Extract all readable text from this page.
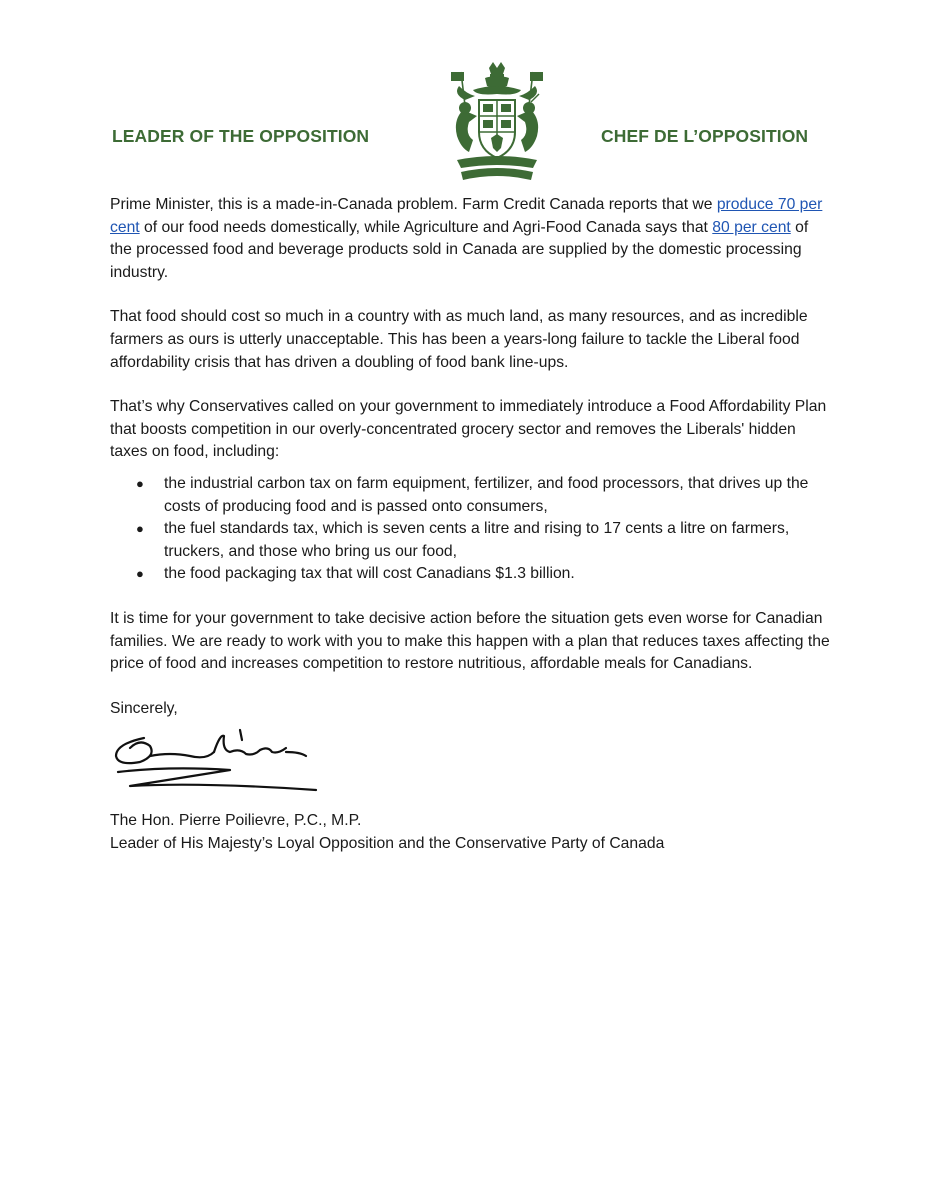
LEADER OF THE OPPOSITION	CHEF DE L’OPPOSITION

Prime Minister, this is a made-in-Canada problem. Farm Credit Canada reports that we produce 70 per cent of our food needs domestically, while Agriculture and Agri-Food Canada says that 80 per cent of the processed food and beverage products sold in Canada are supplied by the domestic processing industry.

That food should cost so much in a country with as much land, as many resources, and as incredible farmers as ours is utterly unacceptable. This has been a years-long failure to tackle the Liberal food affordability crisis that has driven a doubling of food bank line-ups.

That’s why Conservatives called on your government to immediately introduce a Food Affordability Plan that boosts competition in our overly-concentrated grocery sector and removes the Liberals' hidden taxes on food, including:

● the industrial carbon tax on farm equipment, fertilizer, and food processors, that drives up the costs of producing food and is passed onto consumers,
● the fuel standards tax, which is seven cents a litre and rising to 17 cents a litre on farmers, truckers, and those who bring us our food,
● the food packaging tax that will cost Canadians $1.3 billion.

It is time for your government to take decisive action before the situation gets even worse for Canadian families. We are ready to work with you to make this happen with a plan that reduces taxes affecting the price of food and increases competition to restore nutritious, affordable meals for Canadians.

Sincerely,

The Hon. Pierre Poilievre, P.C., M.P.

Leader of His Majesty’s Loyal Opposition and the Conservative Party of Canada
